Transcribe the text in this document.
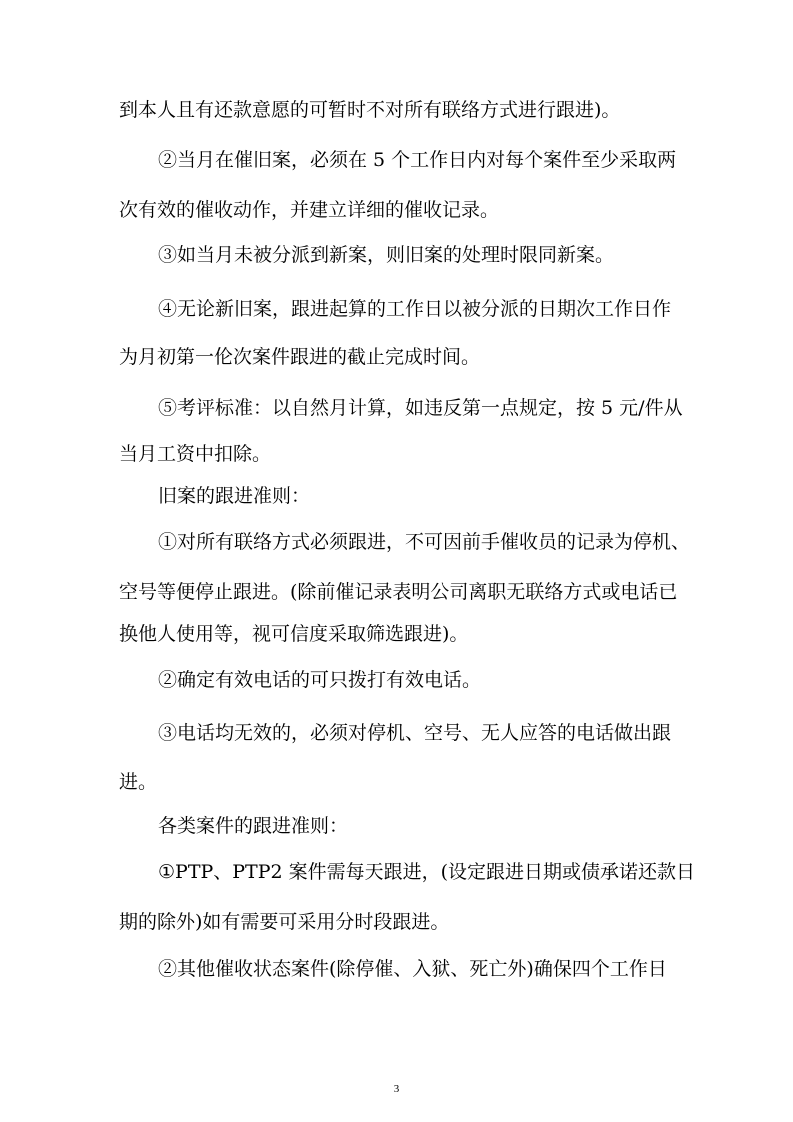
到本人且有还款意愿的可暂时不对所有联络方式进行跟进)。
②当月在催旧案，必须在 5 个工作日内对每个案件至少采取两
次有效的催收动作，并建立详细的催收记录。
③如当月未被分派到新案，则旧案的处理时限同新案。
④无论新旧案，跟进起算的工作日以被分派的日期次工作日作
为月初第一伦次案件跟进的截止完成时间。
⑤考评标准：以自然月计算，如违反第一点规定，按 5 元/件从
当月工资中扣除。
旧案的跟进准则：
①对所有联络方式必须跟进，不可因前手催收员的记录为停机、
空号等便停止跟进。(除前催记录表明公司离职无联络方式或电话已
换他人使用等，视可信度采取筛选跟进)。
②确定有效电话的可只拨打有效电话。
③电话均无效的，必须对停机、空号、无人应答的电话做出跟
进。
各类案件的跟进准则：
①PTP、PTP2 案件需每天跟进，(设定跟进日期或债承诺还款日
期的除外)如有需要可采用分时段跟进。
②其他催收状态案件(除停催、入狱、死亡外)确保四个工作日
3
